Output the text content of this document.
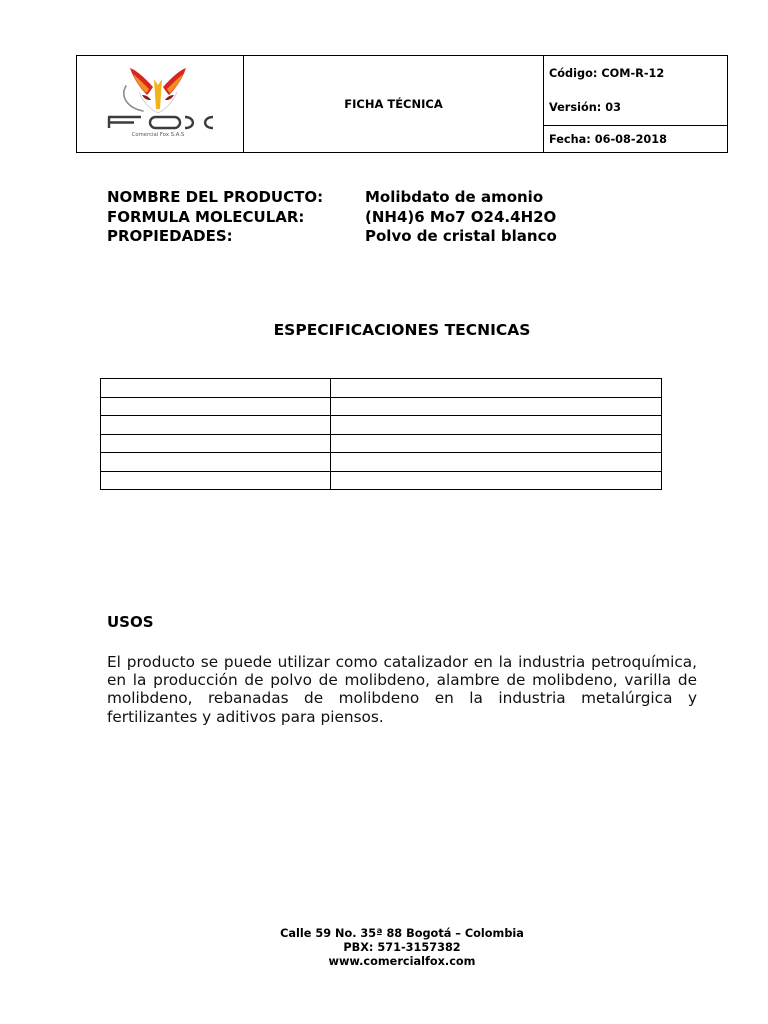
Comercial Fox S.A.S
FICHA TÉCNICA
Código: COM-R-12
Versión: 03
Fecha: 06-08-2018
NOMBRE DEL PRODUCTO:	Molibdato de amonio
FORMULA MOLECULAR:	(NH4)6 Mo7 O24.4H2O
PROPIEDADES:	Polvo de cristal blanco
ESPECIFICACIONES TECNICAS
USOS

El producto se puede utilizar como catalizador en la industria petroquímica, en la producción de polvo de molibdeno, alambre de molibdeno, varilla de molibdeno, rebanadas de molibdeno en la industria metalúrgica y fertilizantes y aditivos para piensos.

Calle 59 No. 35ª 88 Bogotá – Colombia
PBX: 571-3157382
www.comercialfox.com
